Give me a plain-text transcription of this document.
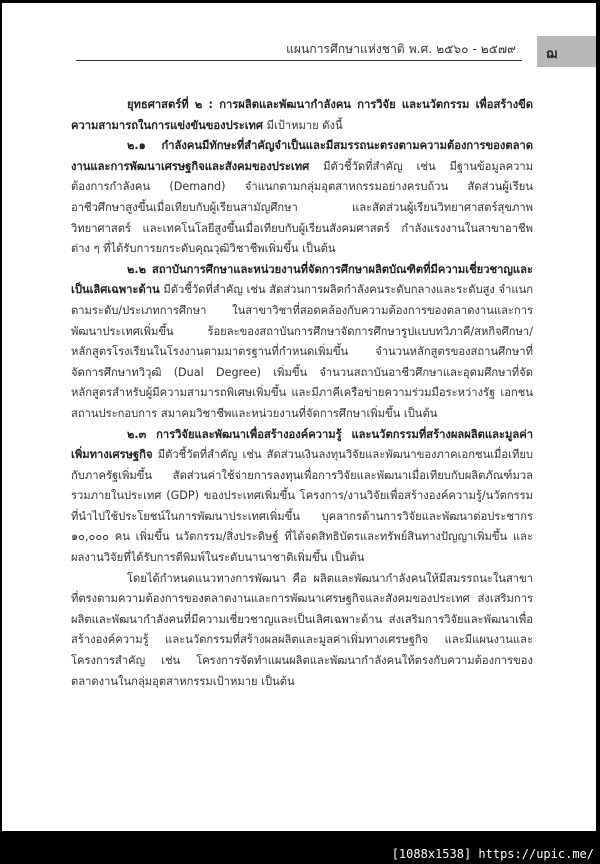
แผนการศึกษาแห่งชาติ พ.ศ. ๒๕๖๐ - ๒๕๗๙ ฌ

ยุทธศาสตร์ที่ ๒ : การผลิตและพัฒนากำลังคน การวิจัย และนวัตกรรม เพื่อสร้างขีดความสามารถในการแข่งขันของประเทศ มีเป้าหมาย ดังนี้

๒.๑ กำลังคนมีทักษะที่สำคัญจำเป็นและมีสมรรถนะตรงตามความต้องการของตลาดงานและการพัฒนาเศรษฐกิจและสังคมของประเทศ มีตัวชี้วัดที่สำคัญ เช่น มีฐานข้อมูลความต้องการกำลังคน (Demand) จำแนกตามกลุ่มอุตสาหกรรมอย่างครบถ้วน สัดส่วนผู้เรียนอาชีวศึกษาสูงขึ้นเมื่อเทียบกับผู้เรียนสามัญศึกษา และสัดส่วนผู้เรียนวิทยาศาสตร์สุขภาพ วิทยาศาสตร์ และเทคโนโลยีสูงขึ้นเมื่อเทียบกับผู้เรียนสังคมศาสตร์ กำลังแรงงานในสาขาอาชีพต่าง ๆ ที่ได้รับการยกระดับคุณวุฒิวิชาชีพเพิ่มขึ้น เป็นต้น

๒.๒ สถาบันการศึกษาและหน่วยงานที่จัดการศึกษาผลิตบัณฑิตที่มีความเชี่ยวชาญและเป็นเลิศเฉพาะด้าน มีตัวชี้วัดที่สำคัญ เช่น สัดส่วนการผลิตกำลังคนระดับกลางและระดับสูง จำแนกตามระดับ/ประเภทการศึกษา ในสาขาวิชาที่สอดคล้องกับความต้องการของตลาดงานและการพัฒนาประเทศเพิ่มขึ้น ร้อยละของสถาบันการศึกษาจัดการศึกษารูปแบบทวิภาคี/สหกิจศึกษา/หลักสูตรโรงเรียนในโรงงานตามมาตรฐานที่กำหนดเพิ่มขึ้น จำนวนหลักสูตรของสถานศึกษาที่จัดการศึกษาทวิวุฒิ (Dual Degree) เพิ่มขึ้น จำนวนสถาบันอาชีวศึกษาและอุดมศึกษาที่จัดหลักสูตรสำหรับผู้มีความสามารถพิเศษเพิ่มขึ้น และมีภาคีเครือข่ายความร่วมมือระหว่างรัฐ เอกชน สถานประกอบการ สมาคมวิชาชีพและหน่วยงานที่จัดการศึกษาเพิ่มขึ้น เป็นต้น

๒.๓ การวิจัยและพัฒนาเพื่อสร้างองค์ความรู้ และนวัตกรรมที่สร้างผลผลิตและมูลค่าเพิ่มทางเศรษฐกิจ มีตัวชี้วัดที่สำคัญ เช่น สัดส่วนเงินลงทุนวิจัยและพัฒนาของภาคเอกชนเมื่อเทียบกับภาครัฐเพิ่มขึ้น สัดส่วนค่าใช้จ่ายการลงทุนเพื่อการวิจัยและพัฒนาเมื่อเทียบกับผลิตภัณฑ์มวลรวมภายในประเทศ (GDP) ของประเทศเพิ่มขึ้น โครงการ/งานวิจัยเพื่อสร้างองค์ความรู้/นวัตกรรมที่นำไปใช้ประโยชน์ในการพัฒนาประเทศเพิ่มขึ้น บุคลากรด้านการวิจัยและพัฒนาต่อประชากร ๑๐,๐๐๐ คน เพิ่มขึ้น นวัตกรรม/สิ่งประดิษฐ์ ที่ได้จดสิทธิบัตรและทรัพย์สินทางปัญญาเพิ่มขึ้น และผลงานวิจัยที่ได้รับการตีพิมพ์ในระดับนานาชาติเพิ่มขึ้น เป็นต้น

โดยได้กำหนดแนวทางการพัฒนา คือ ผลิตและพัฒนากำลังคนให้มีสมรรถนะในสาขาที่ตรงตามความต้องการของตลาดงานและการพัฒนาเศรษฐกิจและสังคมของประเทศ ส่งเสริมการผลิตและพัฒนากำลังคนที่มีความเชี่ยวชาญและเป็นเลิศเฉพาะด้าน ส่งเสริมการวิจัยและพัฒนาเพื่อสร้างองค์ความรู้ และนวัตกรรมที่สร้างผลผลิตและมูลค่าเพิ่มทางเศรษฐกิจ และมีแผนงานและโครงการสำคัญ เช่น โครงการจัดทำแผนผลิตและพัฒนากำลังคนให้ตรงกับความต้องการของตลาดงานในกลุ่มอุตสาหกรรมเป้าหมาย เป็นต้น

[1088x1538] https://upic.me/
